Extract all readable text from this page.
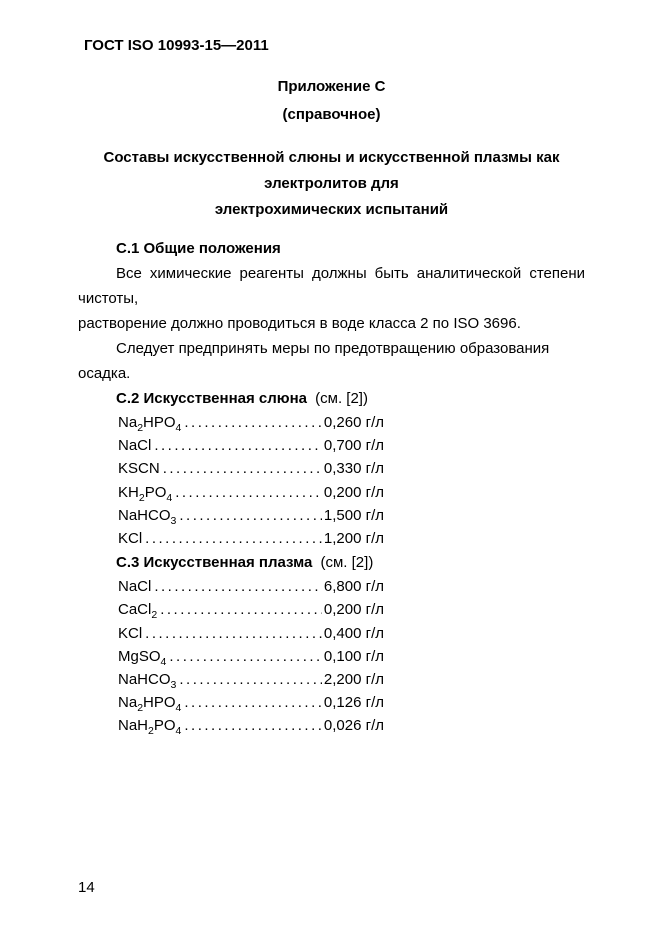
ГОСТ ISO 10993-15—2011
Приложение С
(справочное)
Составы искусственной слюны и искусственной плазмы как электролитов для
электрохимических испытаний
С.1 Общие положения
Все химические реагенты должны быть аналитической степени чистоты,
растворение должно проводиться в воде класса 2 по ISO 3696.
Следует предпринять меры по предотвращению образования осадка.
С.2 Искусственная слюна (см. [2])
$Na_2HPO_4$ .....	0,260 г/л
NaCl .....	0,700 г/л
KSCN .....	0,330 г/л
$KH_2PO_4$ .....	0,200 г/л
NaHCO$_3$ .....	1,500 г/л
KCl .....	1,200 г/л
С.3 Искусственная плазма (см. [2])
NaCl .....	6,800 г/л
CaCl$_2$ .....	0,200 г/л
KCl .....	0,400 г/л
MgSO$_4$ .....	0,100 г/л
NaHCO$_3$ .....	2,200 г/л
$Na_2HPO_4$ .....	0,126 г/л
$NaH_2PO_4$ .....	0,026 г/л
14
